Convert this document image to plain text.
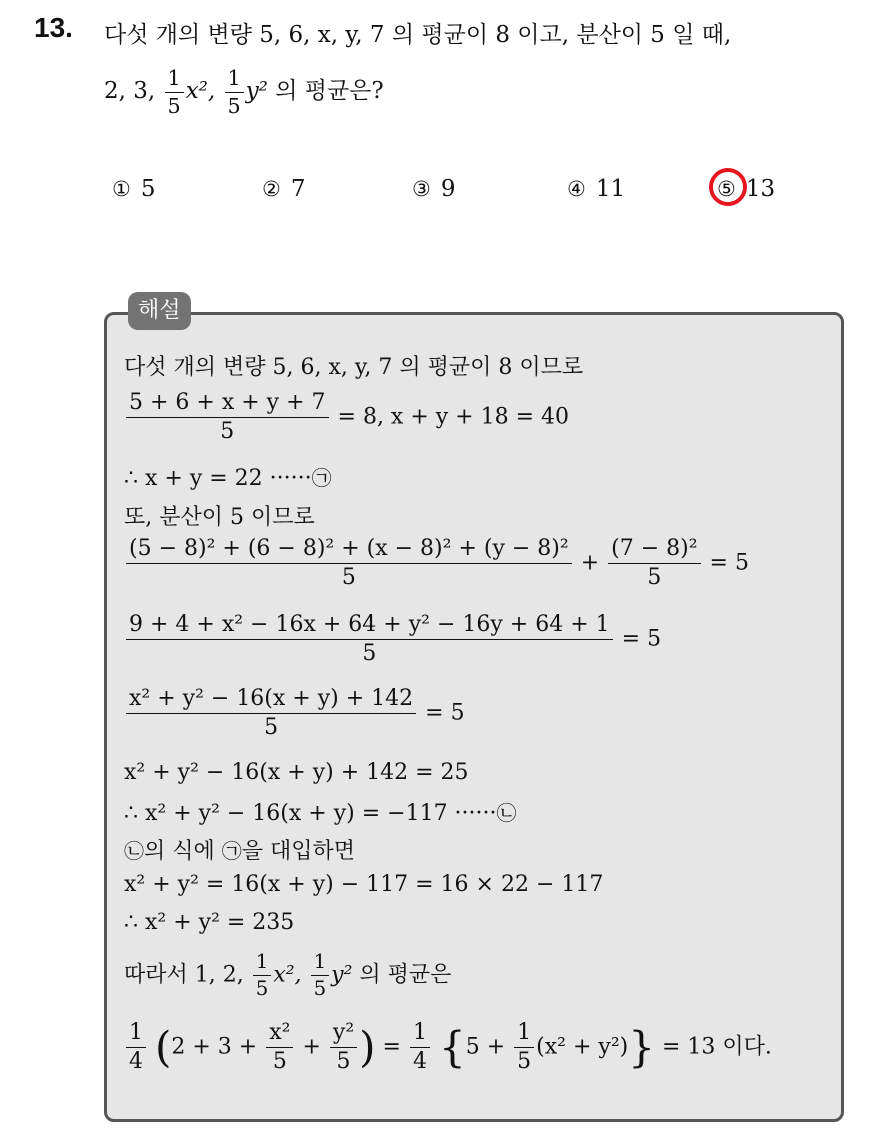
13. 다섯 개의 변량 5, 6, x, y, 7 의 평균이 8 이고, 분산이 5 일 때,
2, 3, $\frac{1}{5} x^2$, $\frac{1}{5} y^2$ 의 평균은?
① 5	② 7	③ 9	④ 11	⑤ 13
해설
다섯 개의 변량 5, 6, x, y, 7 의 평균이 8 이므로
$\frac{5 + 6 + x + y + 7}{5} = 8$, x + y + 18 = 40
∴ x + y = 22 ······㉠
또, 분산이 5 이므로
$\frac{\text{(5 − 8)² + (6 − 8)² + (x − 8)² + (y − 8)²}}{5} + \frac{\text{(7 − 8)²}}{5} = 5$
$\frac{\text{9 + 4 + x² − 16x + 64 + y² − 16y + 64 + 1}}{5} = 5$
$\frac{\text{x² + y² − 16(x + y) + 142}}{5} = 5$
x² + y² − 16(x + y) + 142 = 25
∴ x² + y² − 16(x + y) = −117 ······㉡
㉡의 식에 ㉠을 대입하면
x² + y² = 16(x + y) − 117 = 16 × 22 − 117
∴ x² + y² = 235
따라서 1, 2, $\frac{1}{5} x^2$, $\frac{1}{5} y^2$ 의 평균은
$\frac{1}{4} (2 + 3 + \frac{\text{x²}}{5} + \frac{\text{y²}}{5}$ ) = $\frac{1}{4} \{5 + \frac{1}{5} (x^2 + y^2)\} = 13$ 이다.
